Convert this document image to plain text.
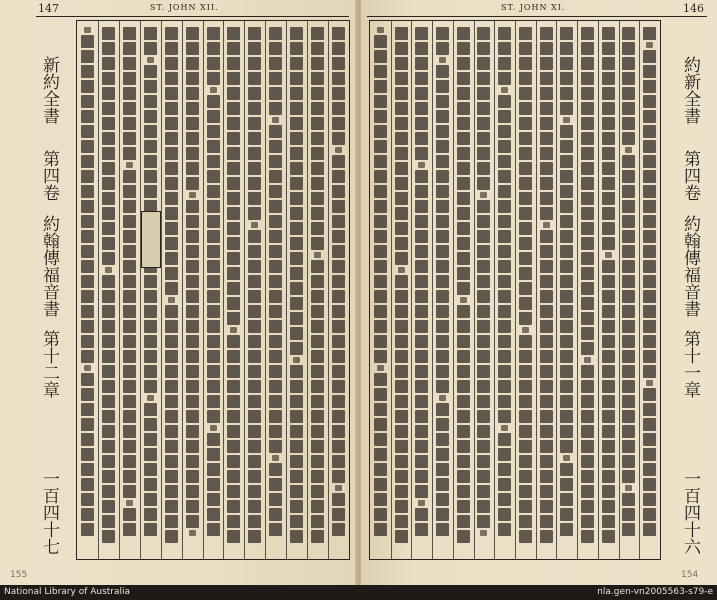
147	ST. JOHN XII.
新約全書
第四卷
約翰傳福音書
第十二章
一百四十七
155
ST. JOHN XI.	146
約新全書
第四卷
約翰傳福音書
第十一章
一百四十六
154
National Library of Australia	nla.gen-vn2005563-s79-e
